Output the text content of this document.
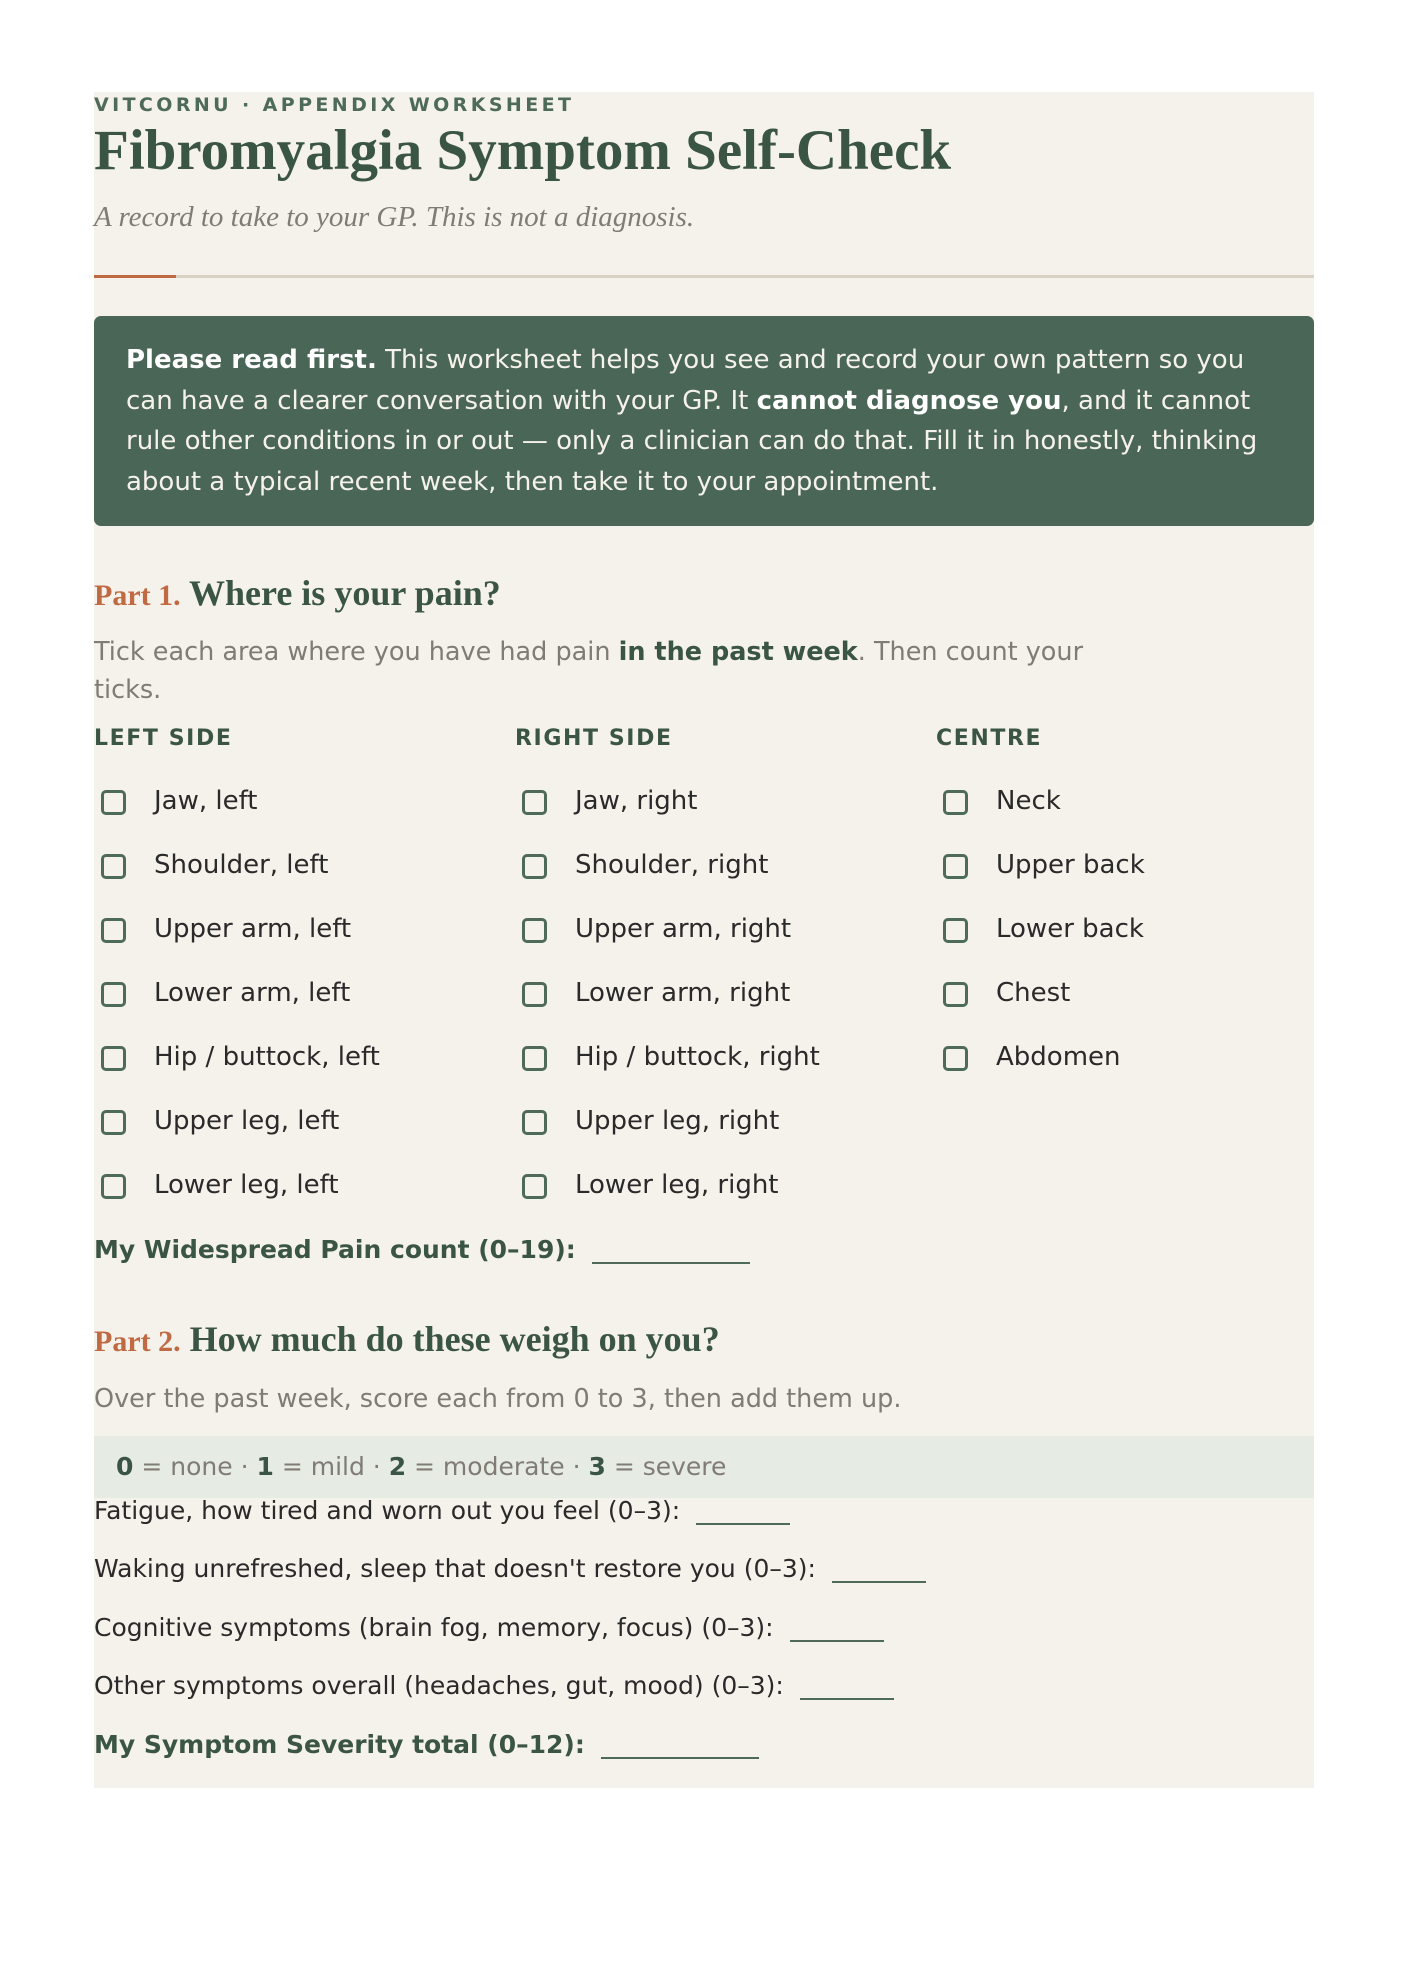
VITCORNU · APPENDIX WORKSHEET
Fibromyalgia Symptom Self-Check
A record to take to your GP. This is not a diagnosis.
Please read first. This worksheet helps you see and record your own pattern so you can have a clearer conversation with your GP. It cannot diagnose you, and it cannot rule other conditions in or out — only a clinician can do that. Fill it in honestly, thinking about a typical recent week, then take it to your appointment.
Part 1. Where is your pain?
Tick each area where you have had pain in the past week. Then count your ticks.
LEFT SIDE	RIGHT SIDE	CENTRE
Jaw, left
Shoulder, left
Upper arm, left
Lower arm, left
Hip / buttock, left
Upper leg, left
Lower leg, left
Jaw, right
Shoulder, right
Upper arm, right
Lower arm, right
Hip / buttock, right
Upper leg, right
Lower leg, right
Neck
Upper back
Lower back
Chest
Abdomen
My Widespread Pain count (0–19):
Part 2. How much do these weigh on you?
Over the past week, score each from 0 to 3, then add them up.
0 = none · 1 = mild · 2 = moderate · 3 = severe
Fatigue, how tired and worn out you feel (0–3):
Waking unrefreshed, sleep that doesn't restore you (0–3):
Cognitive symptoms (brain fog, memory, focus) (0–3):
Other symptoms overall (headaches, gut, mood) (0–3):
My Symptom Severity total (0–12):
